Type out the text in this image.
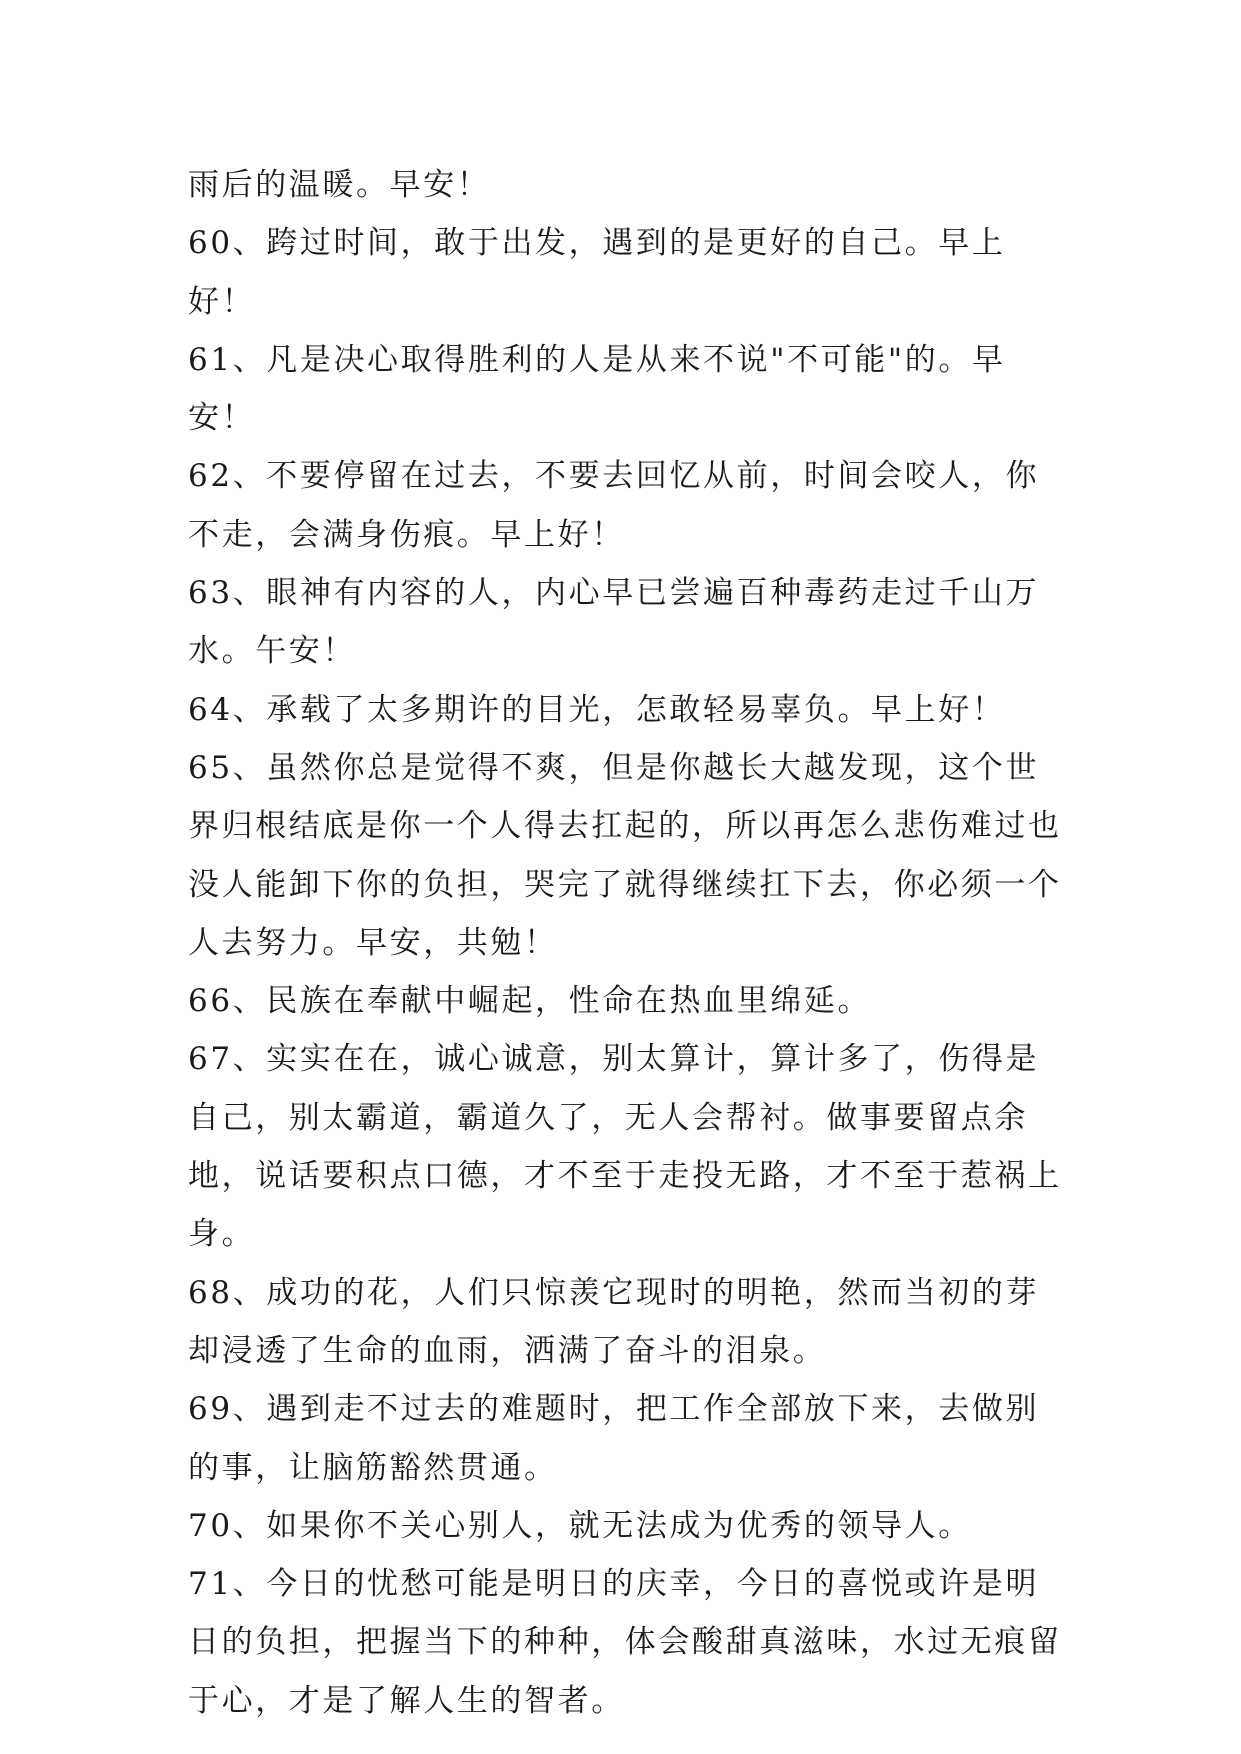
雨后的温暖。早安！

60、跨过时间，敢于出发，遇到的是更好的自己。早上好！

61、凡是决心取得胜利的人是从来不说"不可能"的。早安！

62、不要停留在过去，不要去回忆从前，时间会咬人，你不走，会满身伤痕。早上好！

63、眼神有内容的人，内心早已尝遍百种毒药走过千山万水。午安！

64、承载了太多期许的目光，怎敢轻易辜负。早上好！

65、虽然你总是觉得不爽，但是你越长大越发现，这个世界归根结底是你一个人得去扛起的，所以再怎么悲伤难过也没人能卸下你的负担，哭完了就得继续扛下去，你必须一个人去努力。早安，共勉！

66、民族在奉献中崛起，性命在热血里绵延。

67、实实在在，诚心诚意，别太算计，算计多了，伤得是自己，别太霸道，霸道久了，无人会帮衬。做事要留点余地，说话要积点口德，才不至于走投无路，才不至于惹祸上身。

68、成功的花，人们只惊羡它现时的明艳，然而当初的芽却浸透了生命的血雨，洒满了奋斗的泪泉。

69、遇到走不过去的难题时，把工作全部放下来，去做别的事，让脑筋豁然贯通。

70、如果你不关心别人，就无法成为优秀的领导人。

71、今日的忧愁可能是明日的庆幸，今日的喜悦或许是明日的负担，把握当下的种种，体会酸甜真滋味，水过无痕留于心，才是了解人生的智者。
